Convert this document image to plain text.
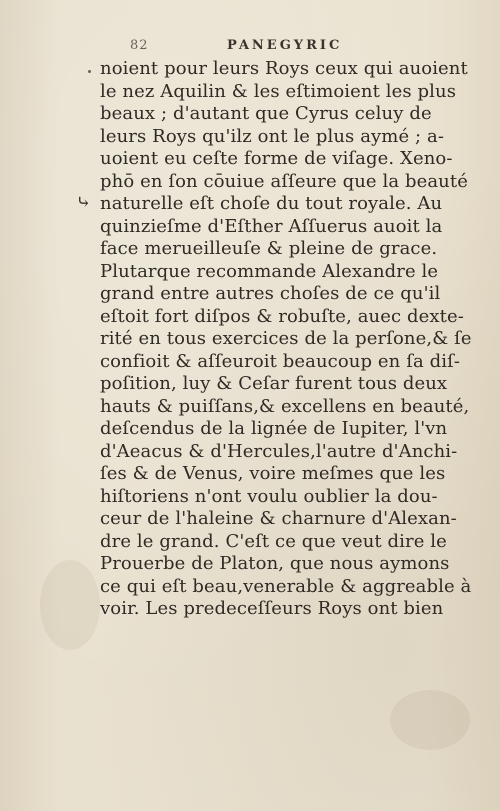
82	PANEGYRIC
⤷
noient pour leurs Roys ceux qui auoient
le nez Aquilin & les eſtimoient les plus
beaux ; d'autant que Cyrus celuy de
leurs Roys qu'ilz ont le plus aymé ; a-
uoient eu ceſte forme de viſage. Xeno-
phō en ſon cōuiue aſſeure que la beauté
naturelle eſt choſe du tout royale. Au
quinzieſme d'Eſther Aſſuerus auoit la
face merueilleuſe & pleine de grace.
Plutarque recommande Alexandre le
grand entre autres choſes de ce qu'il
eſtoit fort diſpos & robuſte, auec dexte-
rité en tous exercices de la perſone,& ſe
confioit & aſſeuroit beaucoup en ſa diſ-
poſition, luy & Ceſar furent tous deux
hauts & puiſſans,& excellens en beauté,
deſcendus de la lignée de Iupiter, l'vn
d'Aeacus & d'Hercules,l'autre d'Anchi-
ſes & de Venus, voire meſmes que les
hiſtoriens n'ont voulu oublier la dou-
ceur de l'haleine & charnure d'Alexan-
dre le grand. C'eſt ce que veut dire le
Prouerbe de Platon, que nous aymons
ce qui eſt beau,venerable & aggreable à
voir. Les predeceſſeurs Roys ont bien
